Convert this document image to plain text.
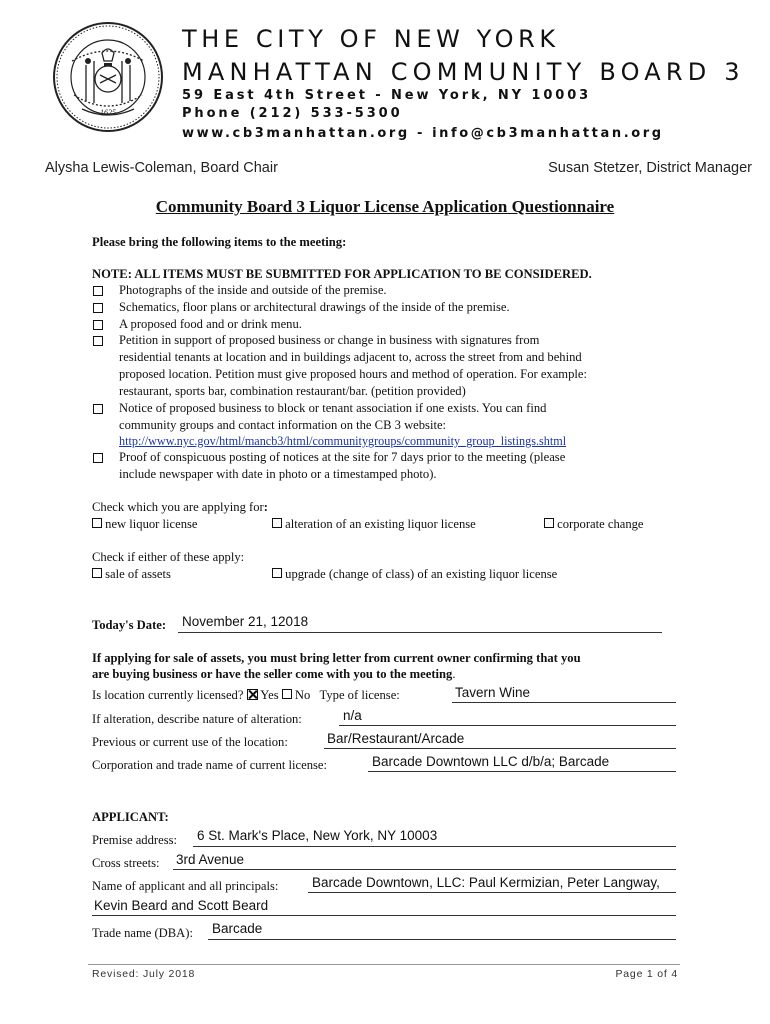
1625
THE CITY OF NEW YORK
MANHATTAN COMMUNITY BOARD 3
59 East 4th Street - New York, NY 10003
Phone (212) 533-5300
www.cb3manhattan.org - info@cb3manhattan.org
Alysha Lewis-Coleman, Board Chair	Susan Stetzer, District Manager
Community Board 3 Liquor License Application Questionnaire
Please bring the following items to the meeting:
NOTE: ALL ITEMS MUST BE SUBMITTED FOR APPLICATION TO BE CONSIDERED.
Photographs of the inside and outside of the premise.
Schematics, floor plans or architectural drawings of the inside of the premise.
A proposed food and or drink menu.
Petition in support of proposed business or change in business with signatures from
residential tenants at location and in buildings adjacent to, across the street from and behind
proposed location. Petition must give proposed hours and method of operation. For example:
restaurant, sports bar, combination restaurant/bar. (petition provided)
Notice of proposed business to block or tenant association if one exists. You can find
community groups and contact information on the CB 3 website:
http://www.nyc.gov/html/mancb3/html/communitygroups/community_group_listings.shtml
Proof of conspicuous posting of notices at the site for 7 days prior to the meeting (please
include newspaper with date in photo or a timestamped photo).
Check which you are applying for:
new liquor license	alteration of an existing liquor license	corporate change
Check if either of these apply:
sale of assets	upgrade (change of class) of an existing liquor license
Today's Date: November 21, 12018
If applying for sale of assets, you must bring letter from current owner confirming that you
are buying business or have the seller come with you to the meeting.
Is location currently licensed? Yes No Type of license:	Tavern Wine
If alteration, describe nature of alteration:	n/a
Previous or current use of the location:	Bar/Restaurant/Arcade
Corporation and trade name of current license:	Barcade Downtown LLC d/b/a; Barcade
APPLICANT:
Premise address: 6 St. Mark's Place, New York, NY 10003
Cross streets: 3rd Avenue
Name of applicant and all principals: Barcade Downtown, LLC: Paul Kermizian, Peter Langway,
Kevin Beard and Scott Beard
Trade name (DBA): Barcade
Revised: July 2018	Page 1 of 4
